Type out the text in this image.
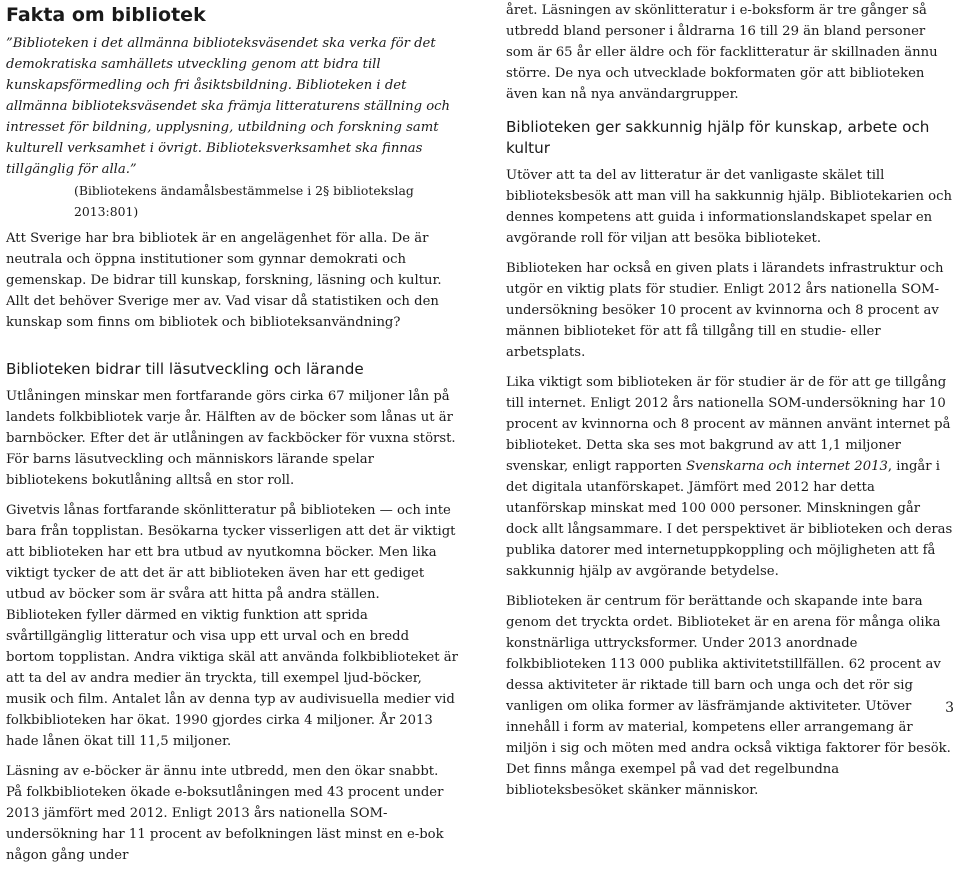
Fakta om bibliotek

”Biblioteken i det allmänna biblioteksväsendet ska verka för det demokratiska samhällets utveckling genom att bidra till kunskapsförmedling och fri åsiktsbildning. Biblioteken i det allmänna biblioteksväsendet ska främja litteraturens ställning och intresset för bildning, upplysning, utbildning och forskning samt kulturell verksamhet i övrigt. Biblioteksverksamhet ska finnas tillgänglig för alla.”

(Bibliotekens ändamålsbestämmelse i 2§ bibliotekslag 2013:801)

Att Sverige har bra bibliotek är en angelägenhet för alla. De är neutrala och öppna institutioner som gynnar demokrati och gemenskap. De bidrar till kunskap, forskning, läsning och kultur. Allt det behöver Sverige mer av. Vad visar då statistiken och den kunskap som finns om bibliotek och biblioteksanvändning?

Biblioteken bidrar till läsutveckling och lärande

Utlåningen minskar men fortfarande görs cirka 67 miljoner lån på landets folkbibliotek varje år. Hälften av de böcker som lånas ut är barnböcker. Efter det är utlåningen av fackböcker för vuxna störst. För barns läsutveckling och människors lärande spelar bibliotekens bokutlåning alltså en stor roll.

Givetvis lånas fortfarande skönlitteratur på biblioteken — och inte bara från topplistan. Besökarna tycker visserligen att det är viktigt att biblioteken har ett bra utbud av nyutkomna böcker. Men lika viktigt tycker de att det är att biblioteken även har ett gediget utbud av böcker som är svåra att hitta på andra ställen. Biblioteken fyller därmed en viktig funktion att sprida svårtillgänglig litteratur och visa upp ett urval och en bredd bortom topplistan. Andra viktiga skäl att använda folkbiblioteket är att ta del av andra medier än tryckta, till exempel ljud-böcker, musik och film. Antalet lån av denna typ av audivisuella medier vid folkbiblioteken har ökat. 1990 gjordes cirka 4 miljoner. År 2013 hade lånen ökat till 11,5 miljoner.

Läsning av e-böcker är ännu inte utbredd, men den ökar snabbt. På folkbiblioteken ökade e-boksutlåningen med 43 procent under 2013 jämfört med 2012. Enligt 2013 års nationella SOM-undersökning har 11 procent av befolkningen läst minst en e-bok någon gång under

året. Läsningen av skönlitteratur i e-boksform är tre gånger så utbredd bland personer i åldrarna 16 till 29 än bland personer som är 65 år eller äldre och för facklitteratur är skillnaden ännu större. De nya och utvecklade bokformaten gör att biblioteken även kan nå nya användargrupper.

Biblioteken ger sakkunnig hjälp för kunskap, arbete och kultur

Utöver att ta del av litteratur är det vanligaste skälet till biblioteksbesök att man vill ha sakkunnig hjälp. Bibliotekarien och dennes kompetens att guida i informationslandskapet spelar en avgörande roll för viljan att besöka biblioteket.

Biblioteken har också en given plats i lärandets infrastruktur och utgör en viktig plats för studier. Enligt 2012 års nationella SOM-undersökning besöker 10 procent av kvinnorna och 8 procent av männen biblioteket för att få tillgång till en studie- eller arbetsplats.

Lika viktigt som biblioteken är för studier är de för att ge tillgång till internet. Enligt 2012 års nationella SOM-undersökning har 10 procent av kvinnorna och 8 procent av männen använt internet på biblioteket. Detta ska ses mot bakgrund av att 1,1 miljoner svenskar, enligt rapporten Svenskarna och internet 2013, ingår i det digitala utanförskapet. Jämfört med 2012 har detta utanförskap minskat med 100 000 personer. Minskningen går dock allt långsammare. I det perspektivet är biblioteken och deras publika datorer med internetuppkoppling och möjligheten att få sakkunnig hjälp av avgörande betydelse.

Biblioteken är centrum för berättande och skapande inte bara genom det tryckta ordet. Biblioteket är en arena för många olika konstnärliga uttrycksformer. Under 2013 anordnade folkbiblioteken 113 000 publika aktivitetstillfällen. 62 procent av dessa aktiviteter är riktade till barn och unga och det rör sig vanligen om olika former av läsfrämjande aktiviteter. Utöver innehåll i form av material, kompetens eller arrangemang är miljön i sig och möten med andra också viktiga faktorer för besök. Det finns många exempel på vad det regelbundna biblioteksbesöket skänker människor.

3
